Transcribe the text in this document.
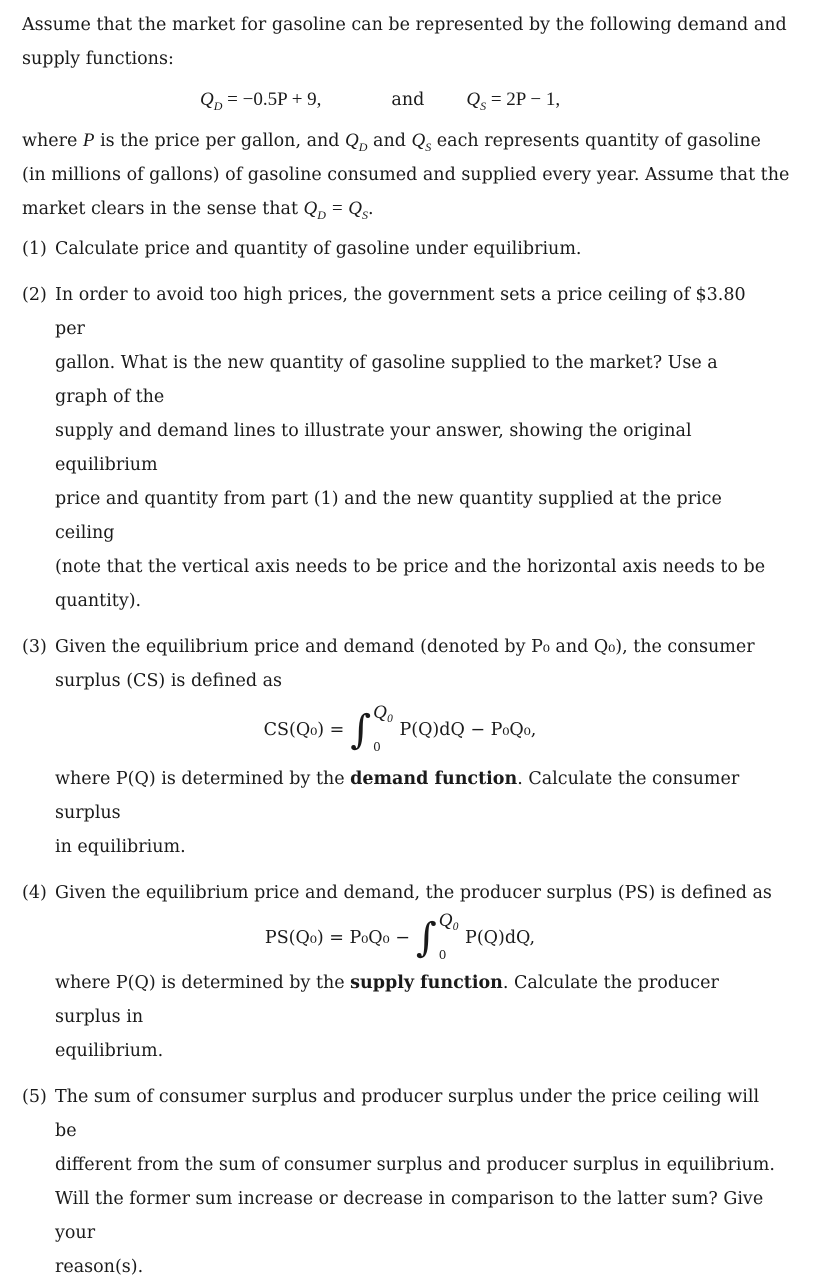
Assume that the market for gasoline can be represented by the following demand and

supply functions:

$Q_D = -0.5P + 9$,	and $Q_S = 2P - 1$,

where P is the price per gallon, and $Q_D$ and $Q_S$ each represents quantity of gasoline

(in millions of gallons) of gasoline consumed and supplied every year. Assume that the

market clears in the sense that $Q_D = Q_S$.

(1) Calculate price and quantity of gasoline under equilibrium.

(2) In order to avoid too high prices, the government sets a price ceiling of $3.80 per

gallon. What is the new quantity of gasoline supplied to the market? Use a graph of the

supply and demand lines to illustrate your answer, showing the original equilibrium

price and quantity from part (1) and the new quantity supplied at the price ceiling

(note that the vertical axis needs to be price and the horizontal axis needs to be

quantity).

(3) Given the equilibrium price and demand (denoted by P₀ and Q₀), the consumer

surplus (CS) is defined as

CS(Q₀) = ∫ Q₀
0
P(Q)dQ − P₀Q₀,

where P(Q) is determined by the demand function. Calculate the consumer surplus

in equilibrium.

(4) Given the equilibrium price and demand, the producer surplus (PS) is defined as

PS(Q₀) = P₀Q₀ − ∫ Q₀
0
P(Q)dQ,

where P(Q) is determined by the supply function. Calculate the producer surplus in

equilibrium.

(5) The sum of consumer surplus and producer surplus under the price ceiling will be

different from the sum of consumer surplus and producer surplus in equilibrium.

Will the former sum increase or decrease in comparison to the latter sum? Give your

reason(s).
